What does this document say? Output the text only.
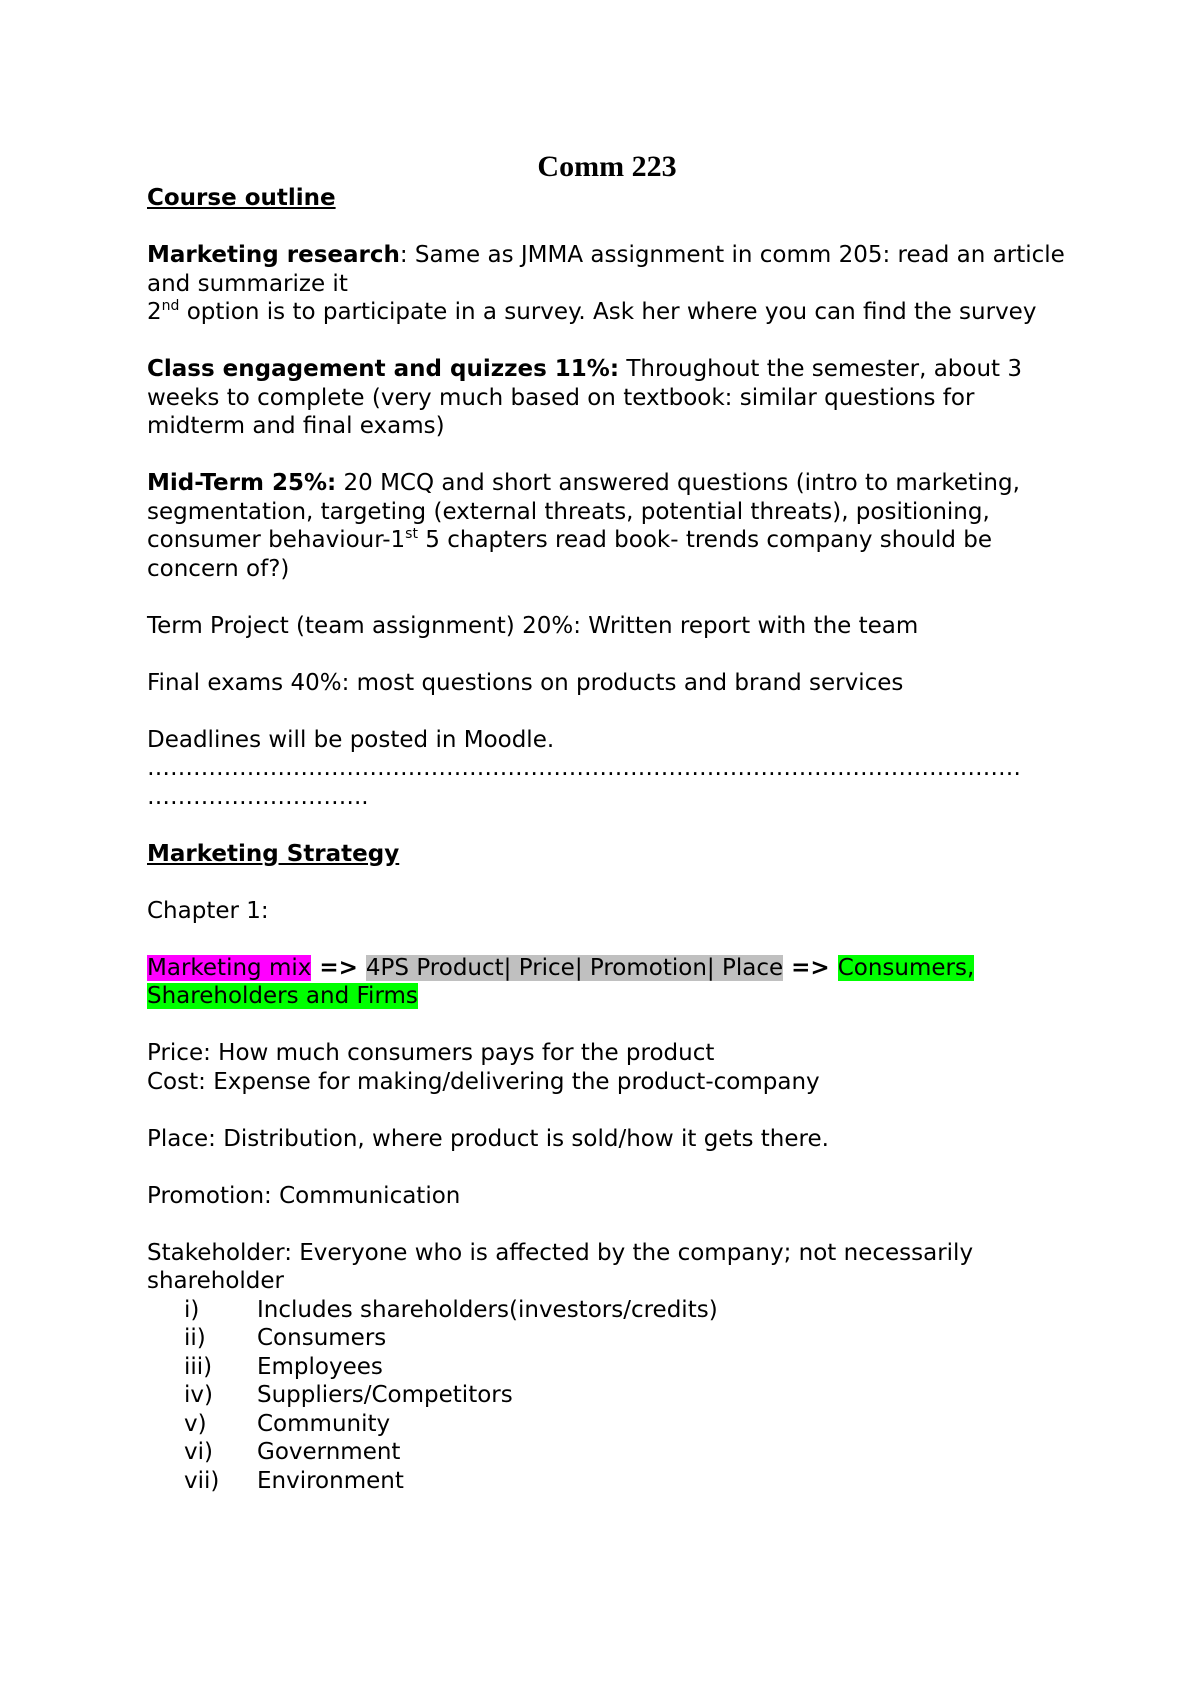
Comm 223

Course outline

Marketing research: Same as JMMA assignment in comm 205: read an article and summarize it

2nd option is to participate in a survey. Ask her where you can find the survey

Class engagement and quizzes 11%: Throughout the semester, about 3 weeks to complete (very much based on textbook: similar questions for midterm and final exams)

Mid-Term 25%: 20 MCQ and short answered questions (intro to marketing, segmentation, targeting (external threats, potential threats), positioning, consumer behaviour-1st 5 chapters read book- trends company should be concern of?)

Term Project (team assignment) 20%: Written report with the team

Final exams 40%: most questions on products and brand services

Deadlines will be posted in Moodle.

……………………………………………………………………………………………………

………………………..

Marketing Strategy

Chapter 1:

Marketing mix => 4PS Product| Price| Promotion| Place => Consumers, Shareholders and Firms

Price: How much consumers pays for the product

Cost: Expense for making/delivering the product-company

Place: Distribution, where product is sold/how it gets there.

Promotion: Communication

Stakeholder: Everyone who is affected by the company; not necessarily shareholder

i)	Includes shareholders(investors/credits)
ii)	Consumers
iii)	Employees
iv)	Suppliers/Competitors
v)	Community
vi)	Government
vii)	Environment
